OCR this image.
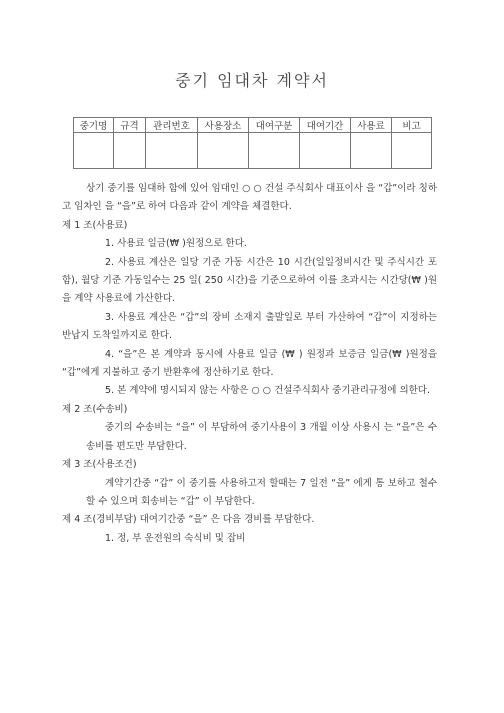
중기 임대차 계약서
중기명	규격	관리번호	사용장소	대여구분	대여기간	사용료	비고

상기 중기를 임대하 함에 있어 임대인 ○ ○ 건설 주식회사 대표이사 을 “갑”이라 칭하고 임차인 을 “을”로 하여 다음과 같이 계약을 체결한다.

제 1 조(사용료)

1. 사용료 일금(₩ )원정으로 한다.

2. 사용료 계산은 일당 기준 가동 시간은 10 시간(일일정비시간 및 주식시간 포함), 월당 기준 가동일수는 25 일( 250 시간)을 기준으로하여 이를 초과시는 시간당(₩ )원을 계약 사용료에 가산한다.

3. 사용료 계산은 “갑”의 장비 소재지 출발일로 부터 가산하여 “갑”이 지정하는 반납지 도착일까지로 한다.

4. “을”은 본 계약과 동시에 사용료 일금 (₩ ) 원정과 보증금 일금(₩ )원정을 “갑”에게 지불하고 중기 반환후에 정산하기로 한다.

5. 본 계약에 명시되지 않는 사항은 ○ ○ 건설주식회사 중기관리규정에 의한다.

제 2 조(수송비)

중기의 수송비는 “을” 이 부담하여 중기사용이 3 개월 이상 사용시 는 “을”은 수송비를 편도만 부담한다.

제 3 조(사용조건)

계약기간중 “갑” 이 중기를 사용하고저 할때는 7 일전 “을” 에게 통 보하고 철수할 수 있으며 회송비는 “갑” 이 부담한다.

제 4 조(경비부담) 대여기간중 “을” 은 다음 경비를 부담한다.

1. 정, 부 운전원의 숙식비 및 잡비
